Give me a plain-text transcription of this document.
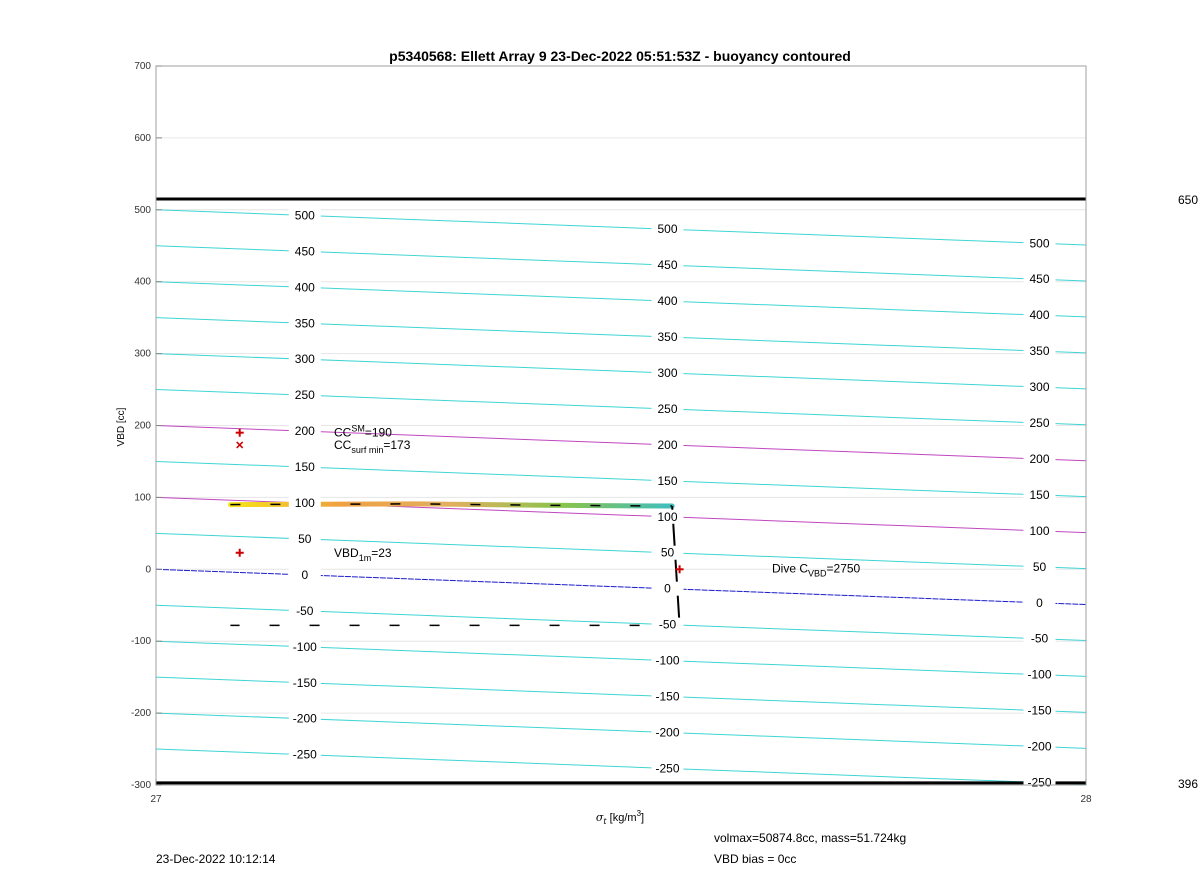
650
396
-250
-200
-150
-100
-50
0
50
100
150
200
250
300
350
400
450
500
-250
-200
-150
-100
-50
0
50
100
150
200
250
300
350
400
450
500
-250
-200
-150
-100
-50
0
50
100
150
200
250
300
350
400
450
500
CC℠=190
$CC_{surf min}=173$
$VBD_{1m}=23$
Dive $C_{VBD}=2750$
700
600
500
400
300
200
100
0
-100
-200
-300
27	28
p5340568: Ellett Array 9 23-Dec-2022 05:51:53Z - buoyancy contoured
VBD [cc]
$\sigma_t$ $[kg/m^3]$
23-Dec-2022 10:12:14
volmax=50874.8cc, mass=51.724kg
VBD bias = 0cc
